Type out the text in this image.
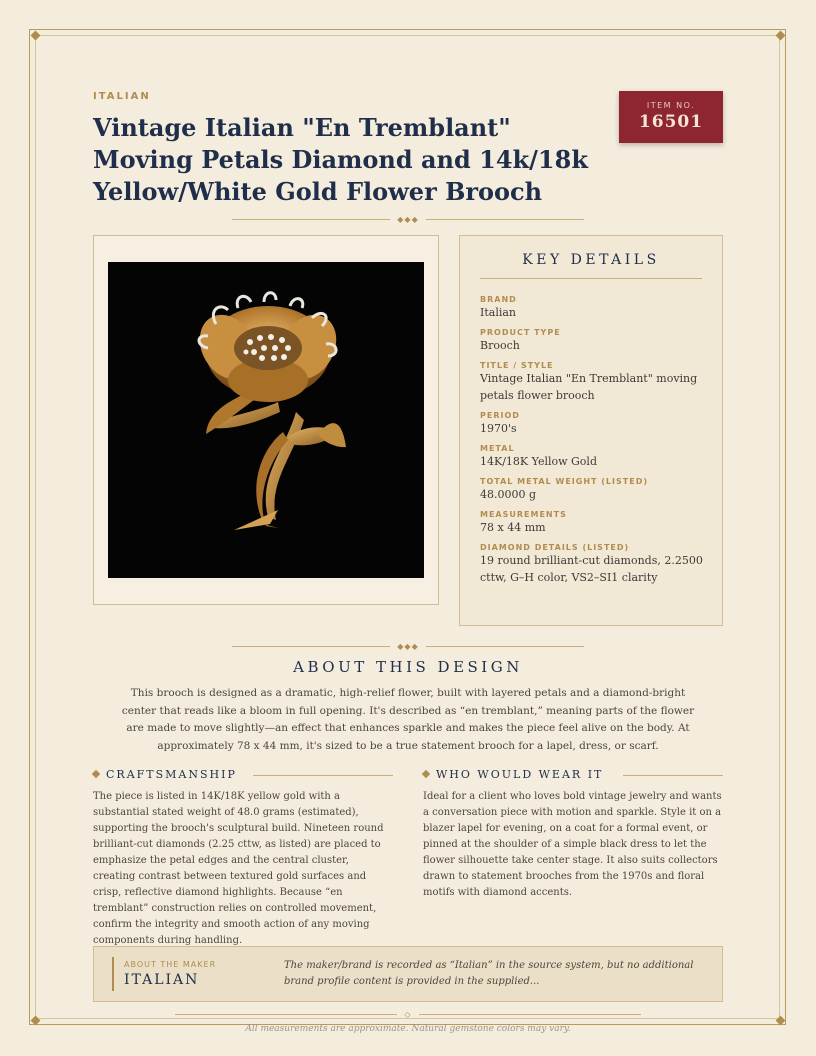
ITALIAN
Vintage Italian "En Tremblant" Moving Petals Diamond and 14k/18k Yellow/White Gold Flower Brooch
ITEM NO.
16501
◆◆◆
KEY DETAILS
BRAND
Italian
PRODUCT TYPE
Brooch
TITLE / STYLE
Vintage Italian "En Tremblant" moving petals flower brooch
PERIOD
1970's
METAL
14K/18K Yellow Gold
TOTAL METAL WEIGHT (LISTED)
48.0000 g
MEASUREMENTS
78 x 44 mm
DIAMOND DETAILS (LISTED)
19 round brilliant-cut diamonds, 2.2500 cttw, G–H color, VS2–SI1 clarity
◆◆◆
ABOUT THIS DESIGN

This brooch is designed as a dramatic, high-relief flower, built with layered petals and a diamond-bright center that reads like a bloom in full opening. It's described as “en tremblant,” meaning parts of the flower are made to move slightly—an effect that enhances sparkle and makes the piece feel alive on the body. At approximately 78 x 44 mm, it's sized to be a true statement brooch for a lapel, dress, or scarf.

CRAFTSMANSHIP

The piece is listed in 14K/18K yellow gold with a substantial stated weight of 48.0 grams (estimated), supporting the brooch's sculptural build. Nineteen round brilliant-cut diamonds (2.25 cttw, as listed) are placed to emphasize the petal edges and the central cluster, creating contrast between textured gold surfaces and crisp, reflective diamond highlights. Because “en tremblant” construction relies on controlled movement, confirm the integrity and smooth action of any moving components during handling.

WHO WOULD WEAR IT

Ideal for a client who loves bold vintage jewelry and wants a conversation piece with motion and sparkle. Style it on a blazer lapel for evening, on a coat for a formal event, or pinned at the shoulder of a simple black dress to let the flower silhouette take center stage. It also suits collectors drawn to statement brooches from the 1970s and floral motifs with diamond accents.

ABOUT THE MAKER
ITALIAN
The maker/brand is recorded as “Italian” in the source system, but no additional brand profile content is provided in the supplied...
◇
All measurements are approximate. Natural gemstone colors may vary.
